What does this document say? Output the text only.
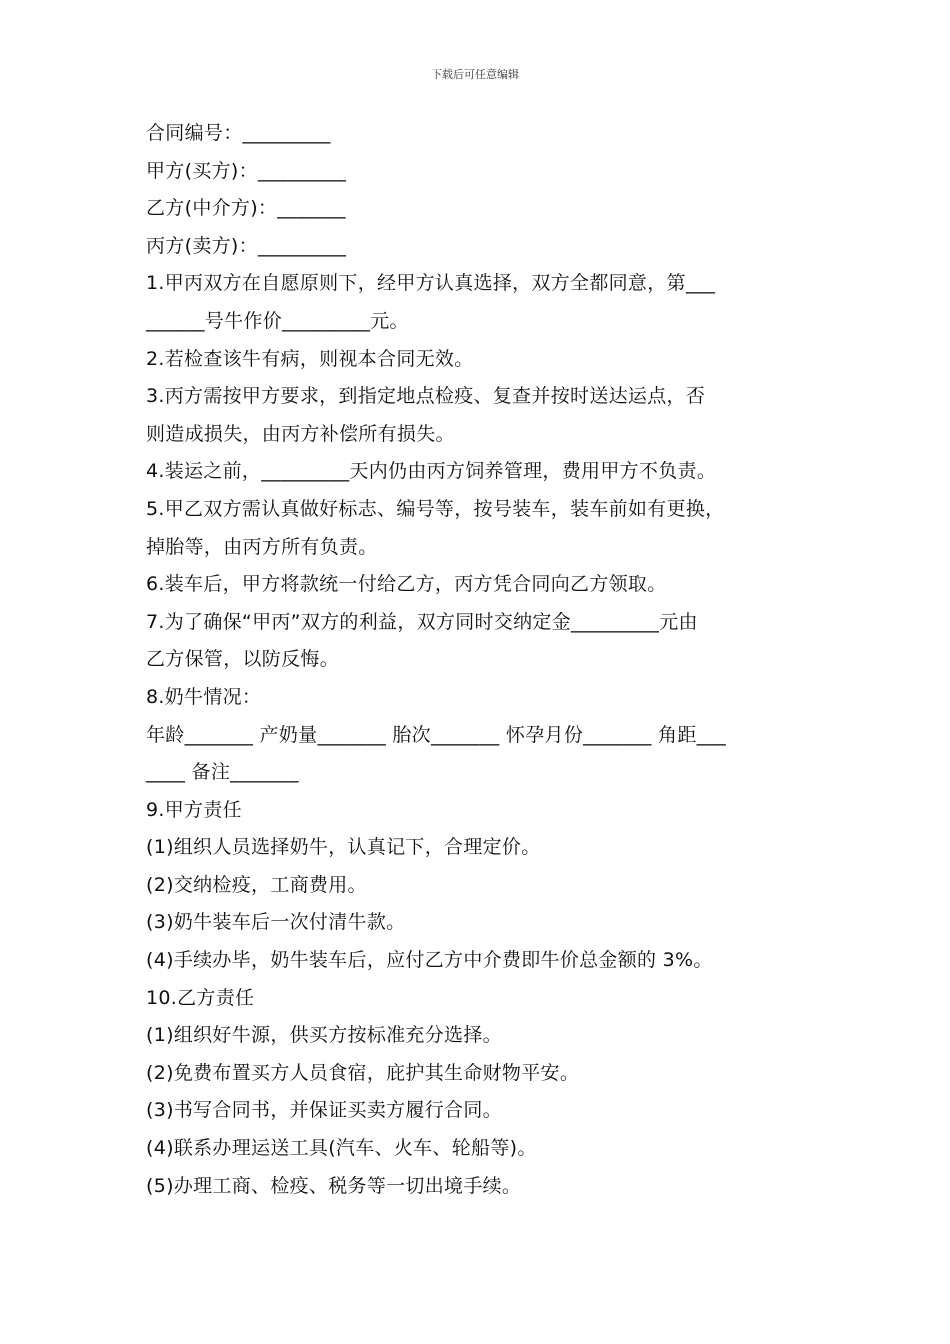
下载后可任意编辑
合同编号：_________
甲方(买方)：_________
乙方(中介方)：_______
丙方(卖方)：_________
1.甲丙双方在自愿原则下，经甲方认真选择，双方全都同意，第___
______号牛作价_________元。
2.若检查该牛有病，则视本合同无效。
3.丙方需按甲方要求，到指定地点检疫、复查并按时送达运点，否
则造成损失，由丙方补偿所有损失。
4.装运之前，_________天内仍由丙方饲养管理，费用甲方不负责。
5.甲乙双方需认真做好标志、编号等，按号装车，装车前如有更换，
掉胎等，由丙方所有负责。
6.装车后，甲方将款统一付给乙方，丙方凭合同向乙方领取。
7.为了确保“甲丙”双方的利益，双方同时交纳定金_________元由
乙方保管，以防反悔。
8.奶牛情况：
年龄_______ 产奶量_______ 胎次_______ 怀孕月份_______ 角距___
____ 备注_______
9.甲方责任
(1)组织人员选择奶牛，认真记下，合理定价。
(2)交纳检疫，工商费用。
(3)奶牛装车后一次付清牛款。
(4)手续办毕，奶牛装车后，应付乙方中介费即牛价总金额的 3%。
10.乙方责任
(1)组织好牛源，供买方按标准充分选择。
(2)免费布置买方人员食宿，庇护其生命财物平安。
(3)书写合同书，并保证买卖方履行合同。
(4)联系办理运送工具(汽车、火车、轮船等)。
(5)办理工商、检疫、税务等一切出境手续。
